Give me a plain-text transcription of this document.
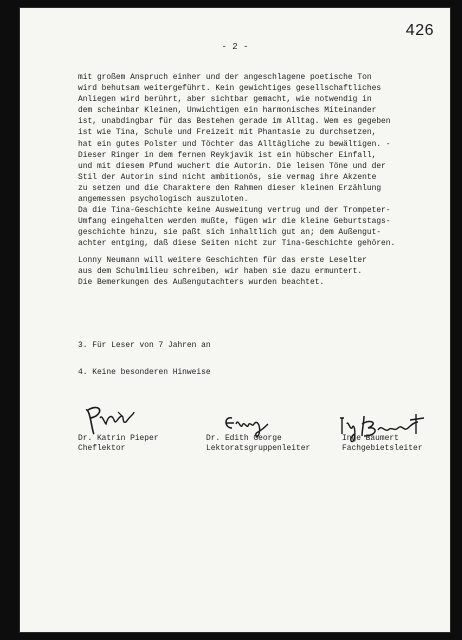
426
- 2 -
mit großem Anspruch einher und der angeschlagene poetische Ton
wird behutsam weitergeführt. Kein gewichtiges gesellschaftliches
Anliegen wird berührt, aber sichtbar gemacht, wie notwendig in
dem scheinbar Kleinen, Unwichtigen ein harmonisches Miteinander
ist, unabdingbar für das Bestehen gerade im Alltag. Wem es gegeben
ist wie Tina, Schule und Freizeit mit Phantasie zu durchsetzen,
hat ein gutes Polster und Töchter das Alltägliche zu bewältigen. -
Dieser Ringer in dem fernen Reykjavik ist ein hübscher Einfall,
und mit diesem Pfund wuchert die Autorin. Die leisen Töne und der
Stil der Autorin sind nicht ambitionös, sie vermag ihre Akzente
zu setzen und die Charaktere den Rahmen dieser kleinen Erzählung
angemessen psychologisch auszuloten.
Da die Tina-Geschichte keine Ausweitung vertrug und der Trompeter-
Umfang eingehalten werden mußte, fügen wir die kleine Geburtstags-
geschichte hinzu, sie paßt sich inhaltlich gut an; dem Außengut-
achter entging, daß diese Seiten nicht zur Tina-Geschichte gehören.
Lonny Neumann will weitere Geschichten für das erste Leselter
aus dem Schulmilieu schreiben, wir haben sie dazu ermuntert.
Die Bemerkungen des Außengutachters wurden beachtet.
3. Für Leser von 7 Jahren an
4. Keine besonderen Hinweise
Dr. Katrin Pieper
Cheflektor
Dr. Edith George
Lektoratsgruppenleiter
Inge Baumert
Fachgebietsleiter
